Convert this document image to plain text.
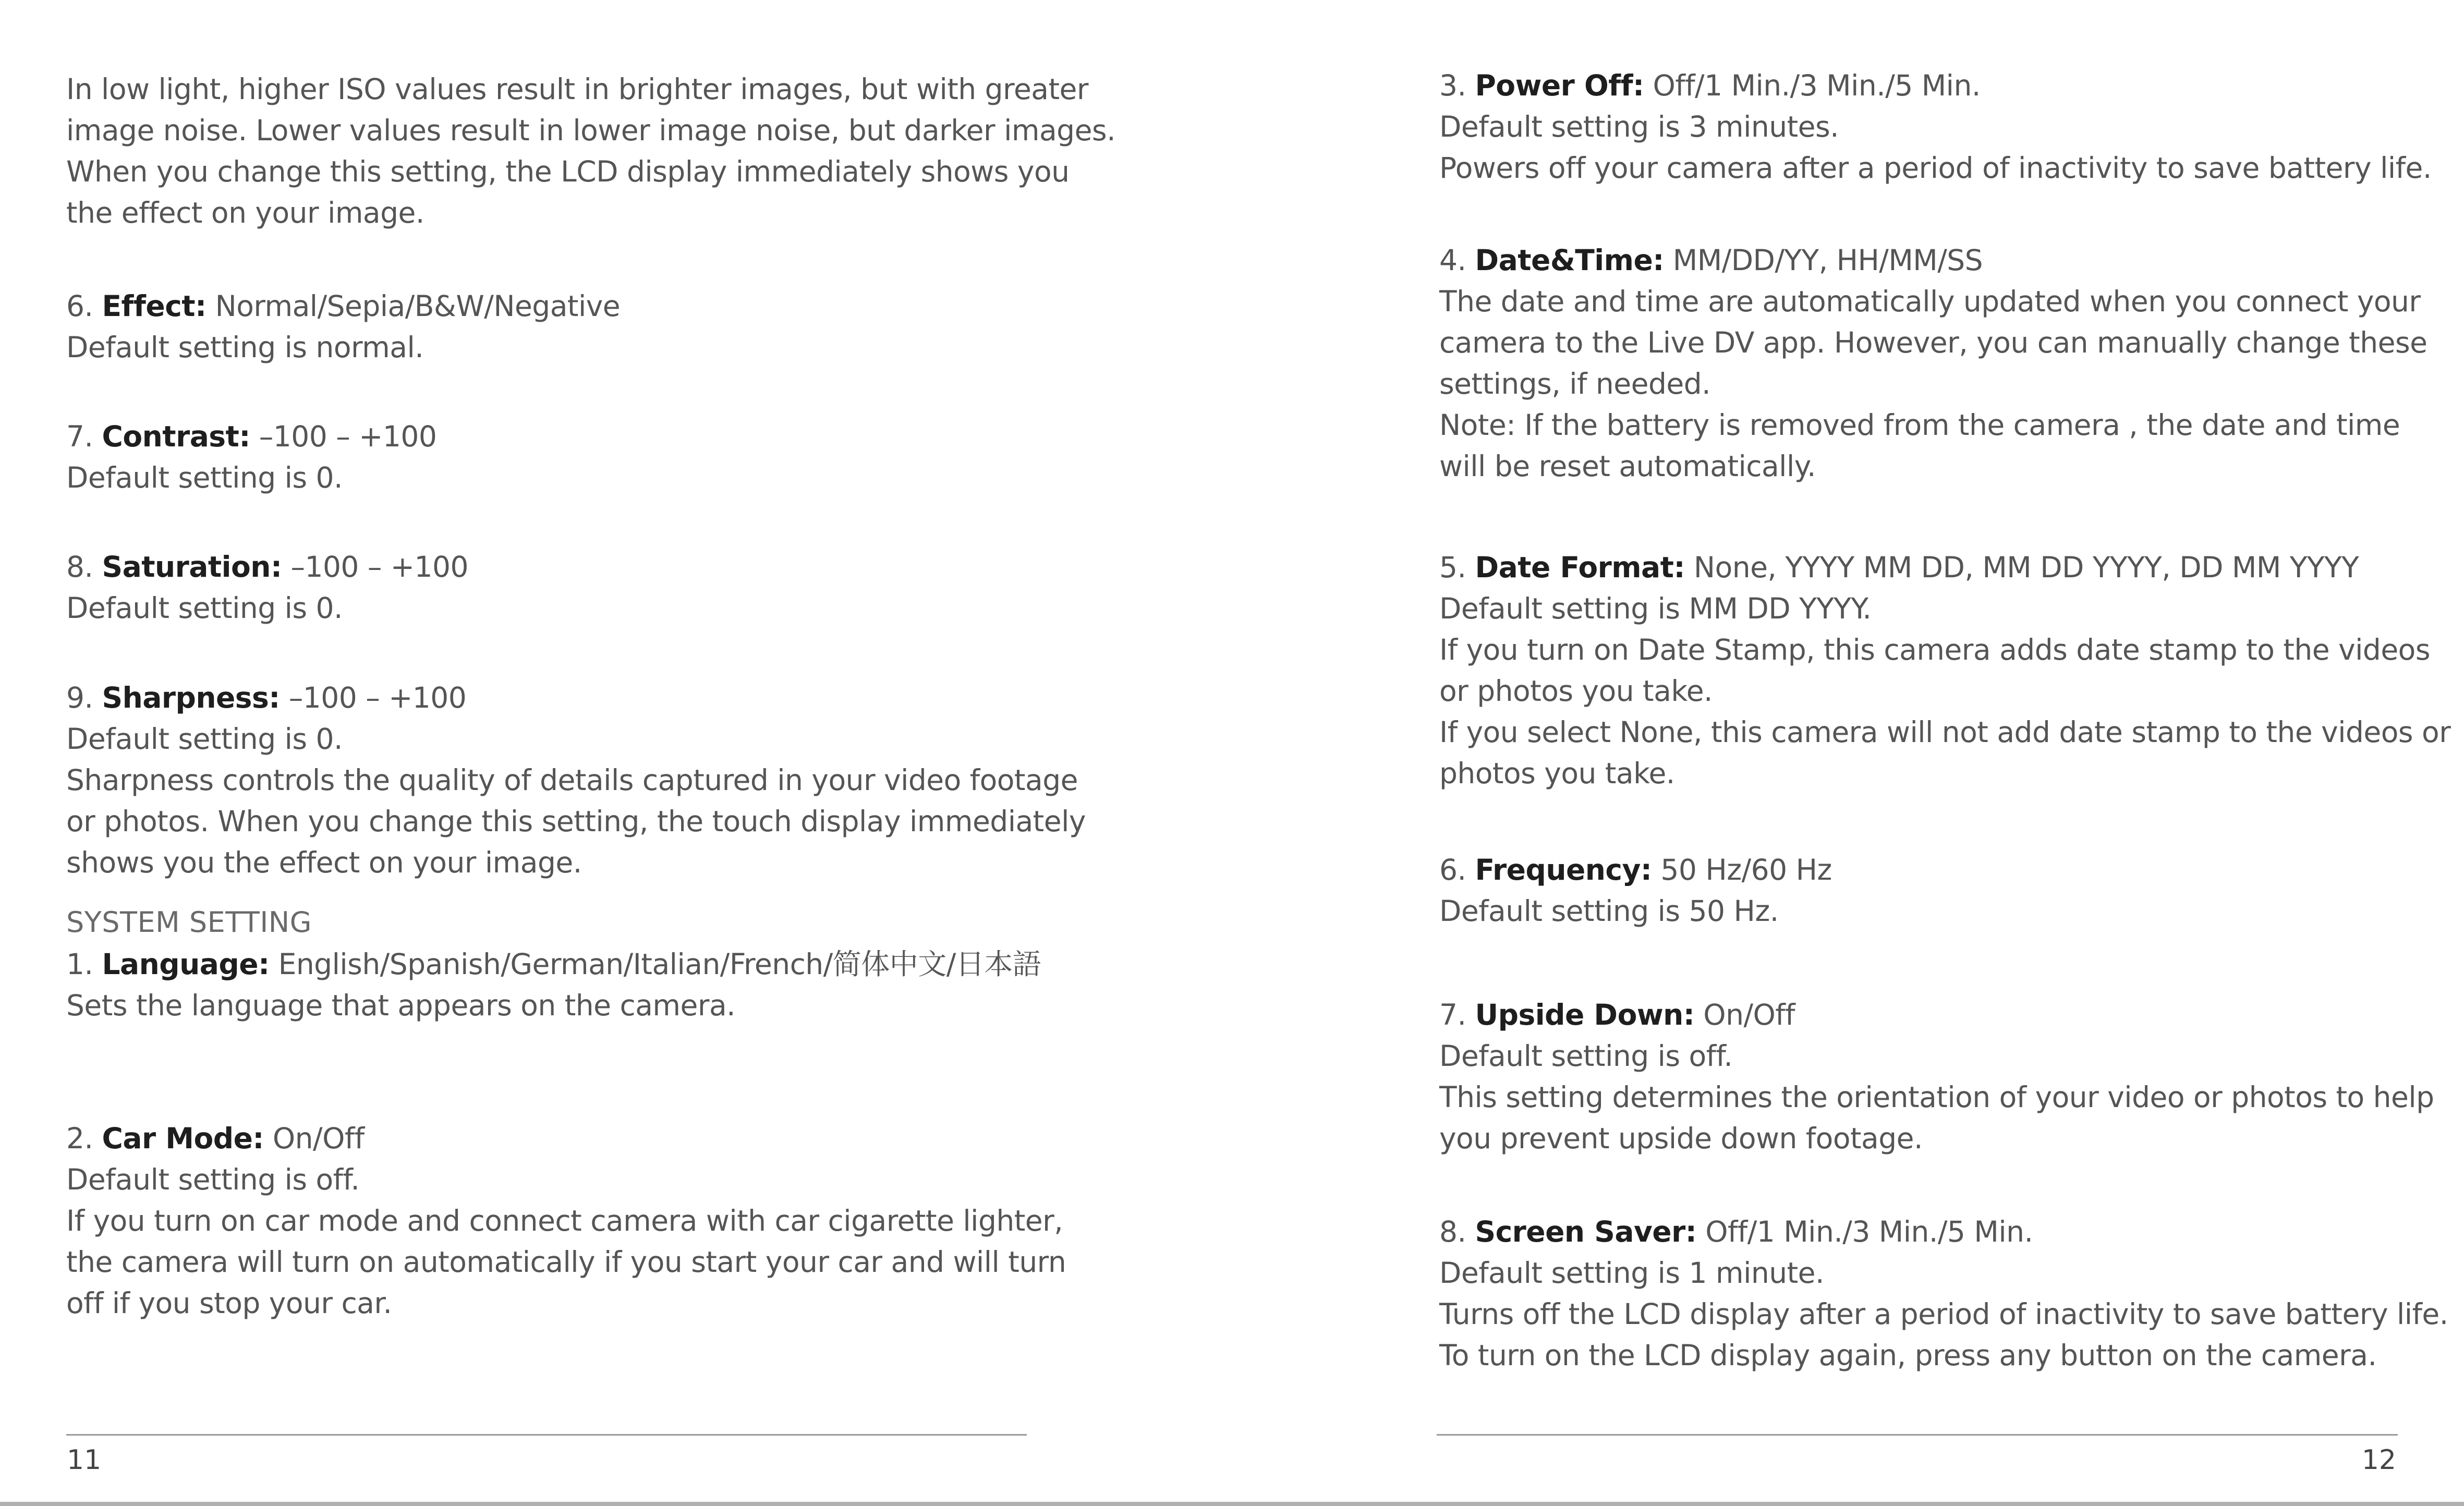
In low light, higher ISO values result in brighter images, but with greater
image noise. Lower values result in lower image noise, but darker images.
When you change this setting, the LCD display immediately shows you
the effect on your image.

6. Effect: Normal/Sepia/B&W/Negative
Default setting is normal.

7. Contrast: –100 – +100
Default setting is 0.

8. Saturation: –100 – +100
Default setting is 0.

9. Sharpness: –100 – +100
Default setting is 0.
Sharpness controls the quality of details captured in your video footage
or photos. When you change this setting, the touch display immediately
shows you the effect on your image.

SYSTEM SETTING

1. Language: English/Spanish/German/Italian/French/简体中文/日本語
Sets the language that appears on the camera.

2. Car Mode: On/Off
Default setting is off.
If you turn on car mode and connect camera with car cigarette lighter,
the camera will turn on automatically if you start your car and will turn
off if you stop your car.

11

3. Power Off: Off/1 Min./3 Min./5 Min.
Default setting is 3 minutes.
Powers off your camera after a period of inactivity to save battery life.

4. Date&Time: MM/DD/YY, HH/MM/SS
The date and time are automatically updated when you connect your
camera to the Live DV app. However, you can manually change these
settings, if needed.
Note: If the battery is removed from the camera , the date and time
will be reset automatically.

5. Date Format: None, YYYY MM DD, MM DD YYYY, DD MM YYYY
Default setting is MM DD YYYY.
If you turn on Date Stamp, this camera adds date stamp to the videos
or photos you take.
If you select None, this camera will not add date stamp to the videos or
photos you take.

6. Frequency: 50 Hz/60 Hz
Default setting is 50 Hz.

7. Upside Down: On/Off
Default setting is off.
This setting determines the orientation of your video or photos to help
you prevent upside down footage.

8. Screen Saver: Off/1 Min./3 Min./5 Min.
Default setting is 1 minute.
Turns off the LCD display after a period of inactivity to save battery life.
To turn on the LCD display again, press any button on the camera.

12
